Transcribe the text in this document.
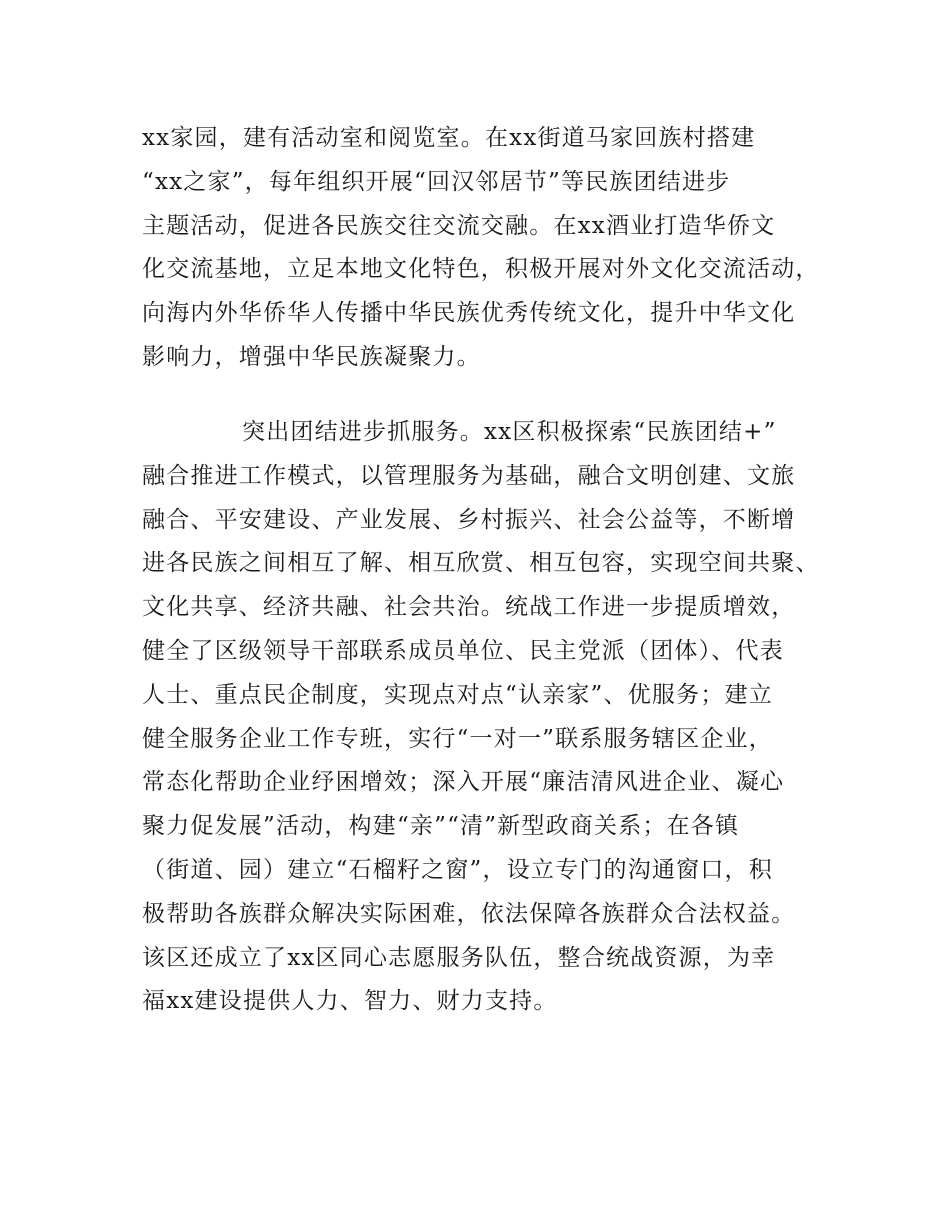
xx家园，建有活动室和阅览室。在xx街道马家回族村搭建
“xx之家”，每年组织开展“回汉邻居节”等民族团结进步
主题活动，促进各民族交往交流交融。在xx酒业打造华侨文
化交流基地，立足本地文化特色，积极开展对外文化交流活动，
向海内外华侨华人传播中华民族优秀传统文化，提升中华文化
影响力，增强中华民族凝聚力。
突出团结进步抓服务。xx区积极探索“民族团结+”
融合推进工作模式，以管理服务为基础，融合文明创建、文旅
融合、平安建设、产业发展、乡村振兴、社会公益等，不断增
进各民族之间相互了解、相互欣赏、相互包容，实现空间共聚、
文化共享、经济共融、社会共治。统战工作进一步提质增效，
健全了区级领导干部联系成员单位、民主党派（团体）、代表
人士、重点民企制度，实现点对点“认亲家”、优服务；建立
健全服务企业工作专班，实行“一对一”联系服务辖区企业，
常态化帮助企业纾困增效；深入开展“廉洁清风进企业、凝心
聚力促发展”活动，构建“亲”“清”新型政商关系；在各镇
（街道、园）建立“石榴籽之窗”，设立专门的沟通窗口，积
极帮助各族群众解决实际困难，依法保障各族群众合法权益。
该区还成立了xx区同心志愿服务队伍，整合统战资源，为幸
福xx建设提供人力、智力、财力支持。
